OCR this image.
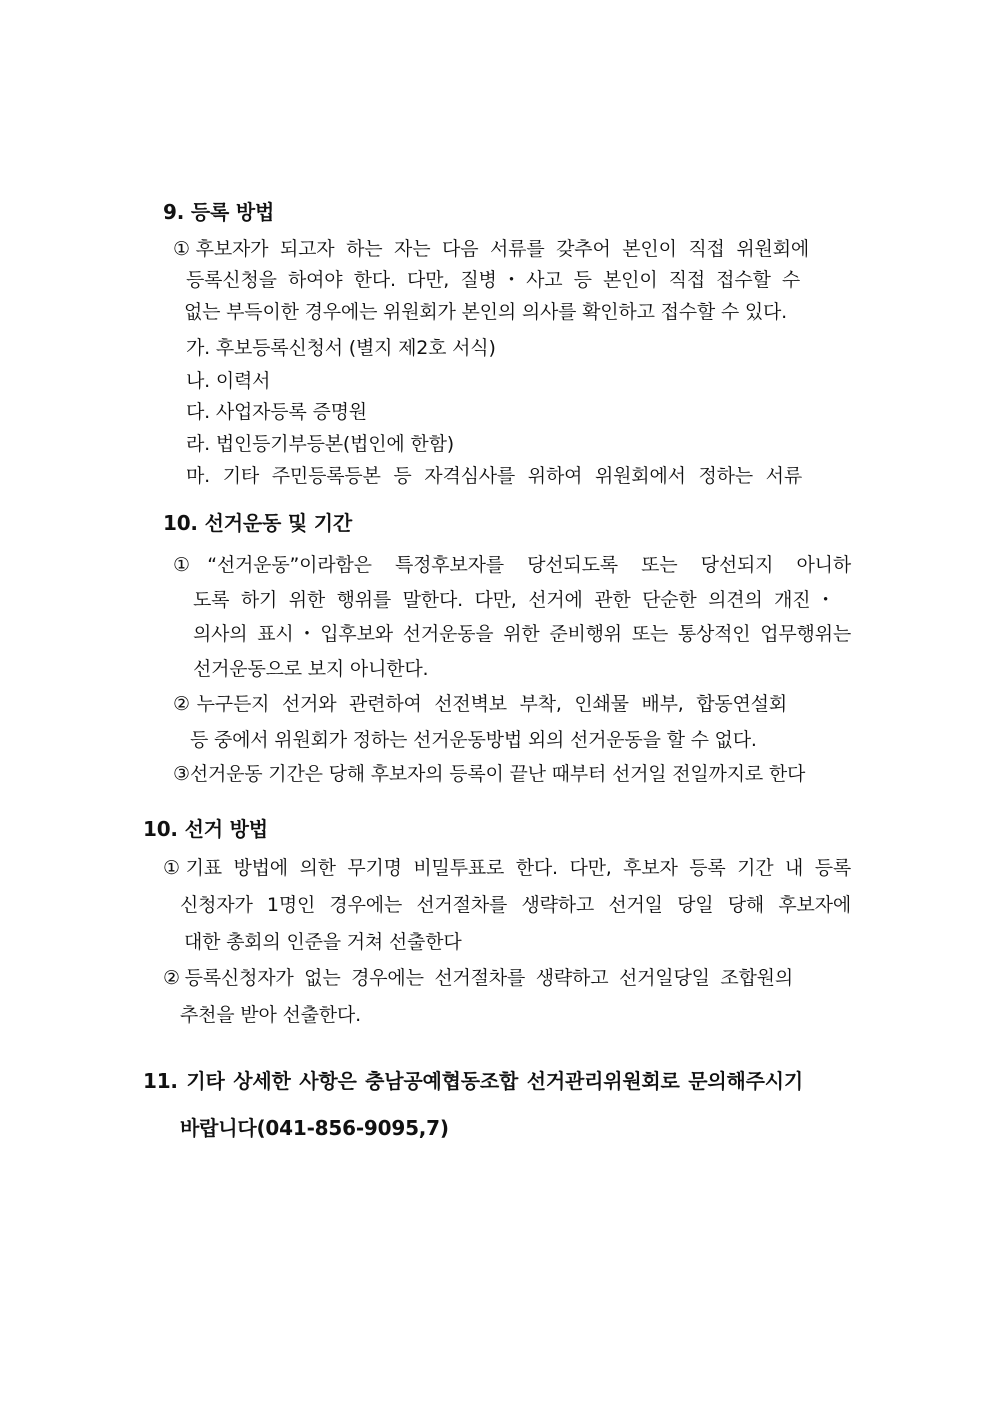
9. 등록 방법
①후보자가 되고자 하는 자는 다음 서류를 갖추어 본인이 직접 위원회에
등록신청을 하여야 한다. 다만, 질병・사고 등 본인이 직접 접수할 수
없는 부득이한 경우에는 위원회가 본인의 의사를 확인하고 접수할 수 있다.
가. 후보등록신청서 (별지 제2호 서식)
나. 이력서
다. 사업자등록 증명원
라. 법인등기부등본(법인에 한함)
마. 기타 주민등록등본 등 자격심사를 위하여 위원회에서 정하는 서류
10. 선거운동 및 기간
①“선거운동”이라함은 특정후보자를 당선되도록 또는 당선되지 아니하
도록 하기 위한 행위를 말한다. 다만, 선거에 관한 단순한 의견의 개진・
의사의 표시・입후보와 선거운동을 위한 준비행위 또는 통상적인 업무행위는
선거운동으로 보지 아니한다.
②누구든지 선거와 관련하여 선전벽보 부착, 인쇄물 배부, 합동연설회
등 중에서 위원회가 정하는 선거운동방법 외의 선거운동을 할 수 없다.
③선거운동 기간은 당해 후보자의 등록이 끝난 때부터 선거일 전일까지로 한다
10. 선거 방법
①기표 방법에 의한 무기명 비밀투표로 한다. 다만, 후보자 등록 기간 내 등록
신청자가 1명인 경우에는 선거절차를 생략하고 선거일 당일 당해 후보자에
대한 총회의 인준을 거쳐 선출한다
②등록신청자가 없는 경우에는 선거절차를 생략하고 선거일당일 조합원의
추천을 받아 선출한다.
11. 기타 상세한 사항은 충남공예협동조합 선거관리위원회로 문의해주시기
바랍니다(041-856-9095,7)
